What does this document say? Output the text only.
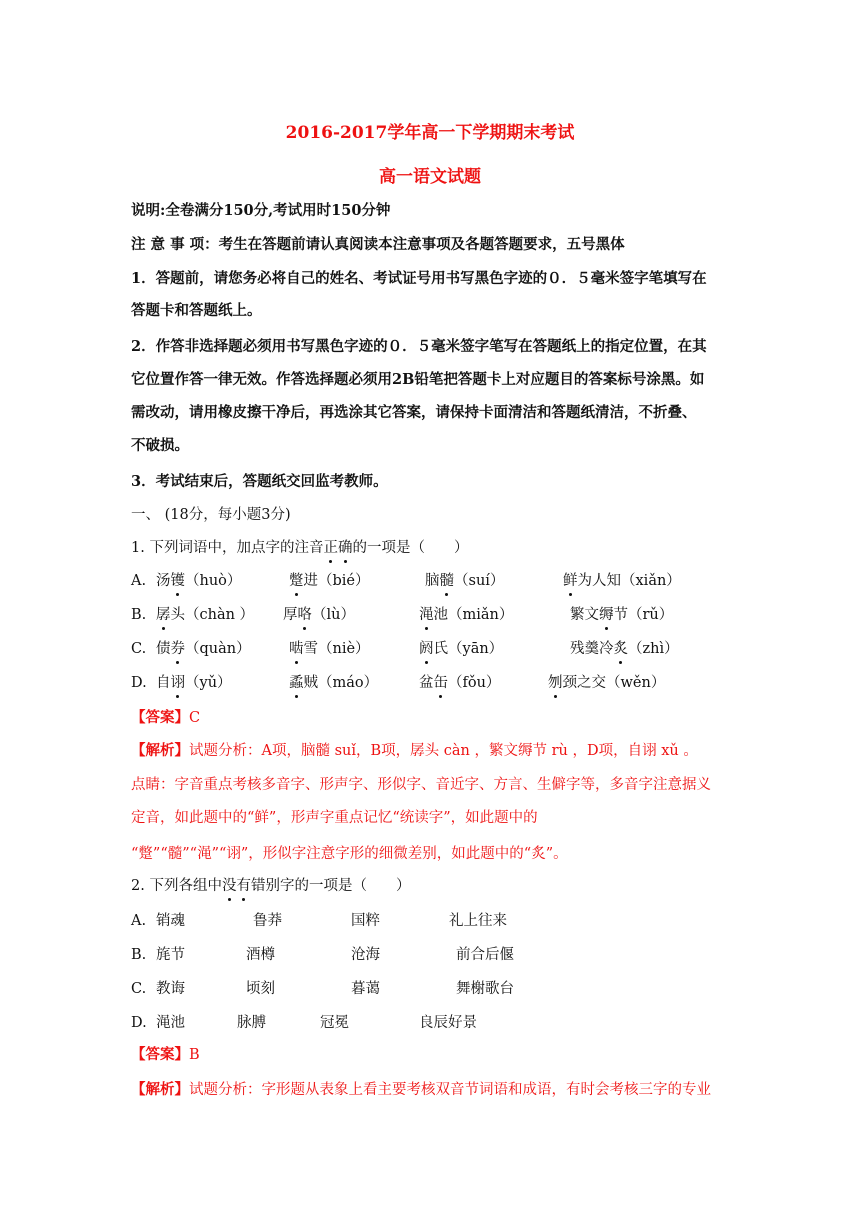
2016-2017学年高一下学期期末考试
高一语文试题
说明:全卷满分150分,考试用时150分钟
注 意 事 项：考生在答题前请认真阅读本注意事项及各题答题要求，五号黑体
1．答题前，请您务必将自己的姓名、考试证号用书写黑色字迹的０．５毫米签字笔填写在
答题卡和答题纸上。
2．作答非选择题必须用书写黑色字迹的０．５毫米签字笔写在答题纸上的指定位置，在其
它位置作答一律无效。作答选择题必须用2B铅笔把答题卡上对应题目的答案标号涂黑。如
需改动，请用橡皮擦干净后，再选涂其它答案，请保持卡面清洁和答题纸清洁，不折叠、
不破损。
3．考试结束后，答题纸交回监考教师。
一、 (18分，每小题3分)
1. 下列词语中，加点字的注音正确的一项是（　　）
A. 汤镬（huò）	蹩进（bié）	脑髓（suí）	鲜为人知（xiǎn）
B. 孱头（chàn ） 厚咯（lù）	渑池（miǎn）	繁文缛节（rǔ）
C. 债券（quàn）	啮雪（niè）	阏氏（yān）	残羹冷炙（zhì）
D. 自诩（yǔ）	蟊贼（máo）	盆缶（fǒu）	刎颈之交（wěn）
【答案】C
【解析】试题分析：A项，脑髓 suǐ，B项，孱头 càn ，繁文缛节 rù ，D项，自诩 xǔ 。
点睛：字音重点考核多音字、形声字、形似字、音近字、方言、生僻字等，多音字注意据义
定音，如此题中的“鲜”，形声字重点记忆“统读字”，如此题中的
“蹩”“髓”“渑”“诩”，形似字注意字形的细微差别，如此题中的“炙”。
2. 下列各组中没有错别字的一项是（　　）
A. 销魂	鲁莽	国粹	礼上往来
B. 旄节	酒樽	沧海	前合后偃
C. 教诲	顷刻	暮蔼	舞榭歌台
D. 渑池	脉膊	冠冕	良辰好景
【答案】B
【解析】试题分析：字形题从表象上看主要考核双音节词语和成语，有时会考核三字的专业
